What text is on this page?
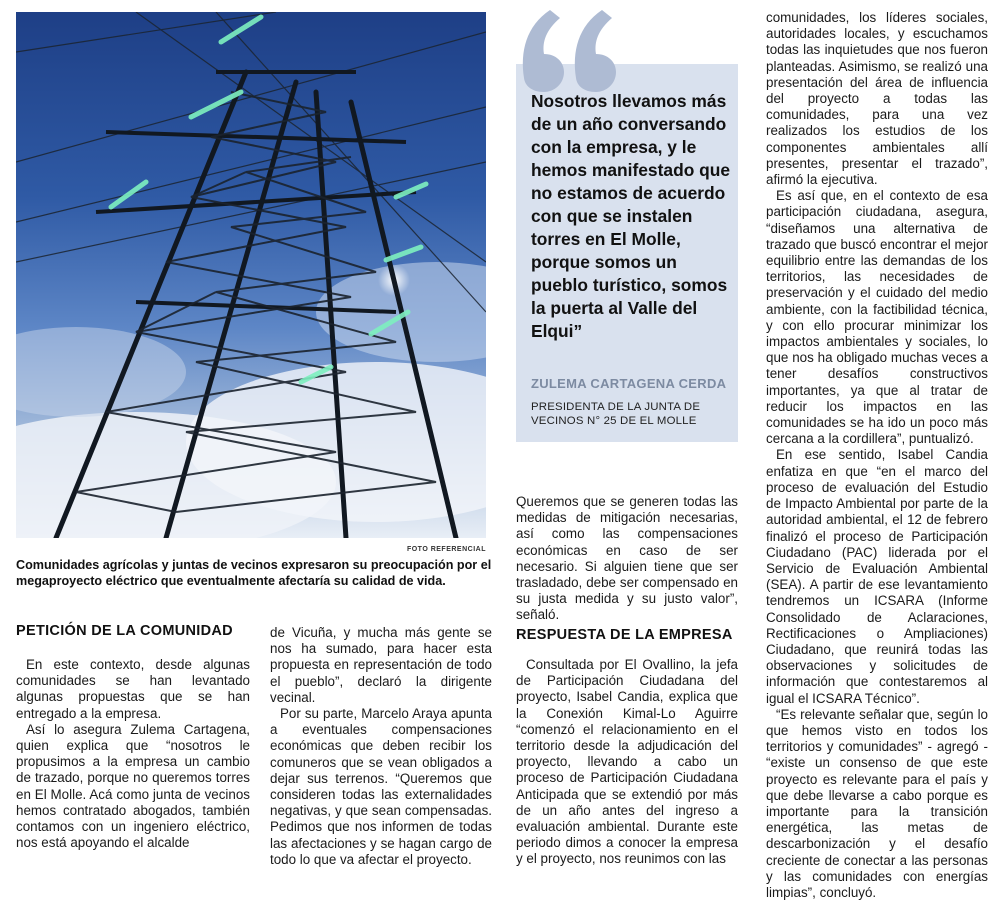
FOTO REFERENCIAL
Comunidades agrícolas y juntas de vecinos expresaron su preocupación por el megaproyecto eléctrico que eventualmente afectaría su calidad de vida.
PETICIÓN DE LA COMUNIDAD

En este contexto, desde algunas comunidades se han levantado algunas propuestas que se han entregado a la empresa.

Así lo asegura Zulema Cartagena, quien explica que “nosotros le propusimos a la empresa un cambio de trazado, porque no queremos torres en El Molle. Acá como junta de vecinos hemos contratado abogados, también contamos con un ingeniero eléctrico, nos está apoyando el alcalde

de Vicuña, y mucha más gente se nos ha sumado, para hacer esta propuesta en representación de todo el pueblo”, declaró la dirigente vecinal.

Por su parte, Marcelo Araya apunta a eventuales compensaciones económicas que deben recibir los comuneros que se vean obligados a dejar sus terrenos. “Queremos que consideren todas las externalidades negativas, y que sean compensadas. Pedimos que nos informen de todas las afectaciones y se hagan cargo de todo lo que va afectar el proyecto.

Nosotros llevamos más de un año conversando con la empresa, y le hemos manifestado que no estamos de acuerdo con que se instalen torres en El Molle, porque somos un pueblo turístico, somos la puerta al Valle del Elqui”

ZULEMA CARTAGENA CERDA

PRESIDENTA DE LA JUNTA DE VECINOS N° 25 DE EL MOLLE

Queremos que se generen todas las medidas de mitigación necesarias, así como las compensaciones económicas en caso de ser necesario. Si alguien tiene que ser trasladado, debe ser compensado en su justa medida y su justo valor”, señaló.

RESPUESTA DE LA EMPRESA

Consultada por El Ovallino, la jefa de Participación Ciudadana del proyecto, Isabel Candia, explica que la Conexión Kimal-Lo Aguirre “comenzó el relacionamiento en el territorio desde la adjudicación del proyecto, llevando a cabo un proceso de Participación Ciudadana Anticipada que se extendió por más de un año antes del ingreso a evaluación ambiental. Durante este periodo dimos a conocer la empresa y el proyecto, nos reunimos con las

comunidades, los líderes sociales, autoridades locales, y escuchamos todas las inquietudes que nos fueron planteadas. Asimismo, se realizó una presentación del área de influencia del proyecto a todas las comunidades, para una vez realizados los estudios de los componentes ambientales allí presentes, presentar el trazado”, afirmó la ejecutiva.

Es así que, en el contexto de esa participación ciudadana, asegura, “diseñamos una alternativa de trazado que buscó encontrar el mejor equilibrio entre las demandas de los territorios, las necesidades de preservación y el cuidado del medio ambiente, con la factibilidad técnica, y con ello procurar minimizar los impactos ambientales y sociales, lo que nos ha obligado muchas veces a tener desafíos constructivos importantes, ya que al tratar de reducir los impactos en las comunidades se ha ido un poco más cercana a la cordillera”, puntualizó.

En ese sentido, Isabel Candia enfatiza en que “en el marco del proceso de evaluación del Estudio de Impacto Ambiental por parte de la autoridad ambiental, el 12 de febrero finalizó el proceso de Participación Ciudadano (PAC) liderada por el Servicio de Evaluación Ambiental (SEA). A partir de ese levantamiento tendremos un ICSARA (Informe Consolidado de Aclaraciones, Rectificaciones o Ampliaciones) Ciudadano, que reunirá todas las observaciones y solicitudes de información que contestaremos al igual el ICSARA Técnico”.

“Es relevante señalar que, según lo que hemos visto en todos los territorios y comunidades” - agregó - “existe un consenso de que este proyecto es relevante para el país y que debe llevarse a cabo porque es importante para la transición energética, las metas de descarbonización y el desafío creciente de conectar a las personas y las comunidades con energías limpias”, concluyó.
